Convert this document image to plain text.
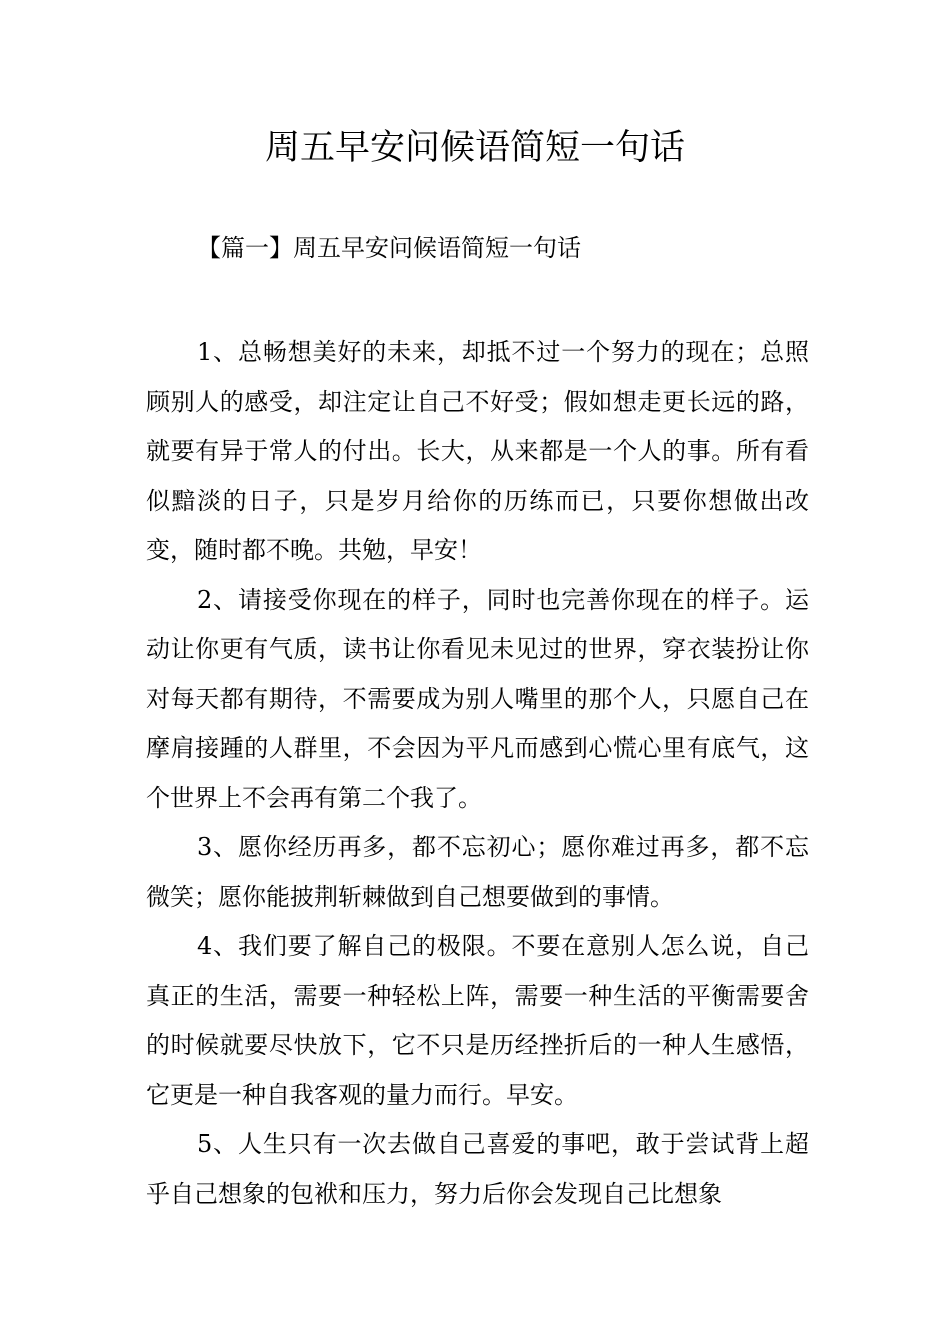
周五早安问候语简短一句话
【篇一】周五早安问候语简短一句话

1、总畅想美好的未来，却抵不过一个努力的现在；总照顾别人的感受，却注定让自己不好受；假如想走更长远的路，就要有异于常人的付出。长大，从来都是一个人的事。所有看似黯淡的日子，只是岁月给你的历练而已，只要你想做出改变，随时都不晚。共勉，早安！

2、请接受你现在的样子，同时也完善你现在的样子。运动让你更有气质，读书让你看见未见过的世界，穿衣装扮让你对每天都有期待，不需要成为别人嘴里的那个人，只愿自己在摩肩接踵的人群里，不会因为平凡而感到心慌心里有底气，这个世界上不会再有第二个我了。

3、愿你经历再多，都不忘初心；愿你难过再多，都不忘微笑；愿你能披荆斩棘做到自己想要做到的事情。

4、我们要了解自己的极限。不要在意别人怎么说，自己真正的生活，需要一种轻松上阵，需要一种生活的平衡需要舍的时候就要尽快放下，它不只是历经挫折后的一种人生感悟，它更是一种自我客观的量力而行。早安。

5、人生只有一次去做自己喜爱的事吧，敢于尝试背上超乎自己想象的包袱和压力，努力后你会发现自己比想象
